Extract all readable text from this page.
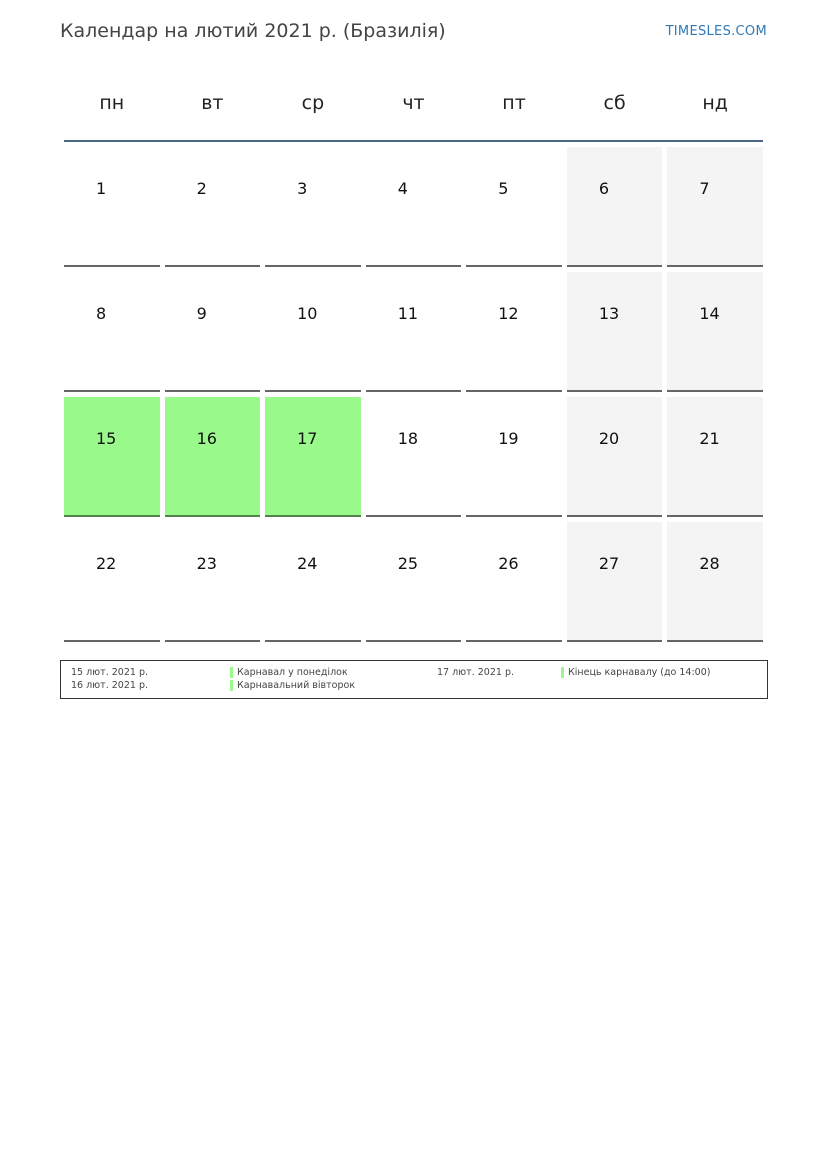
Календар на лютий 2021 р. (Бразилія)	TIMESLES.COM
пн	вт	ср	чт	пт	сб	нд
1	2	3	4	5	6	7
8	9	10	11	12	13	14
15	16	17	18	19	20	21
22	23	24	25	26	27	28
15 лют. 2021 р.	Карнавал у понеділок
16 лют. 2021 р.	Карнавальний вівторок
17 лют. 2021 р.	Кінець карнавалу (до 14:00)
